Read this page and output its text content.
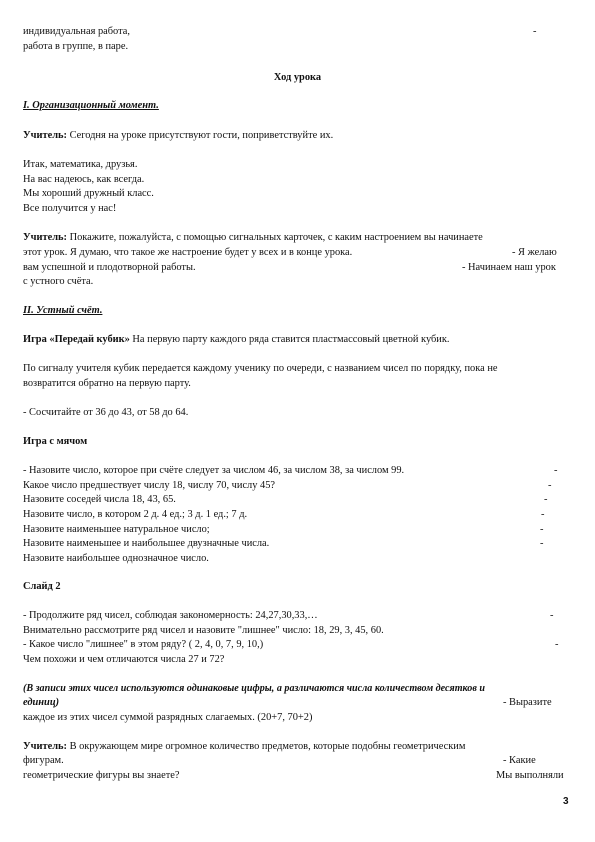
индивидуальная работа,	-
работа в группе, в паре.
Ход урока
I. Организационный момент.
Учитель: Сегодня на уроке присутствуют гости, поприветствуйте их.
Итак, математика, друзья.
На вас надеюсь, как всегда.
Мы хороший дружный класс.
Все получится у нас!
Учитель: Покажите, пожалуйста, с помощью сигнальных карточек, с каким настроением вы начинаете
этот урок. Я думаю, что такое же настроение будет у всех и в конце урока.	- Я желаю
вам успешной и плодотворной работы.	- Начинаем наш урок
с устного счёта.
II. Устный счёт.
Игра «Передай кубик» На первую парту каждого ряда ставится пластмассовый цветной кубик.
По сигналу учителя кубик передается каждому ученику по очереди, с названием чисел по порядку, пока не
возвратится обратно на первую парту.
- Сосчитайте от 36 до 43, от 58 до 64.
Игра с мячом
- Назовите число, которое при счёте следует за числом 46, за числом 38, за числом 99.	-
Какое число предшествует числу 18, числу 70, числу 45?	-
Назовите соседей числа 18, 43, 65.	-
Назовите число, в котором 2 д. 4 ед.; 3 д. 1 ед.; 7 д.	-
Назовите наименьшее натуральное число;	-
Назовите наименьшее и наибольшее двузначные числа.	-
Назовите наибольшее однозначное число.
Слайд 2
- Продолжите ряд чисел, соблюдая закономерность: 24,27,30,33,…	-
Внимательно рассмотрите ряд чисел и назовите "лишнее" число: 18, 29, 3, 45, 60.
- Какое число "лишнее" в этом ряду? ( 2, 4, 0, 7, 9, 10,)	-
Чем похожи и чем отличаются числа 27 и 72?
(В записи этих чисел используются одинаковые цифры, а различаются числа количеством десятков и
единиц)	- Выразите
каждое из этих чисел суммой разрядных слагаемых. (20+7, 70+2)
Учитель: В окружающем мире огромное количество предметов, которые подобны геометрическим
фигурам.	- Какие
геометрические фигуры вы знаете?	Мы выполняли
3
